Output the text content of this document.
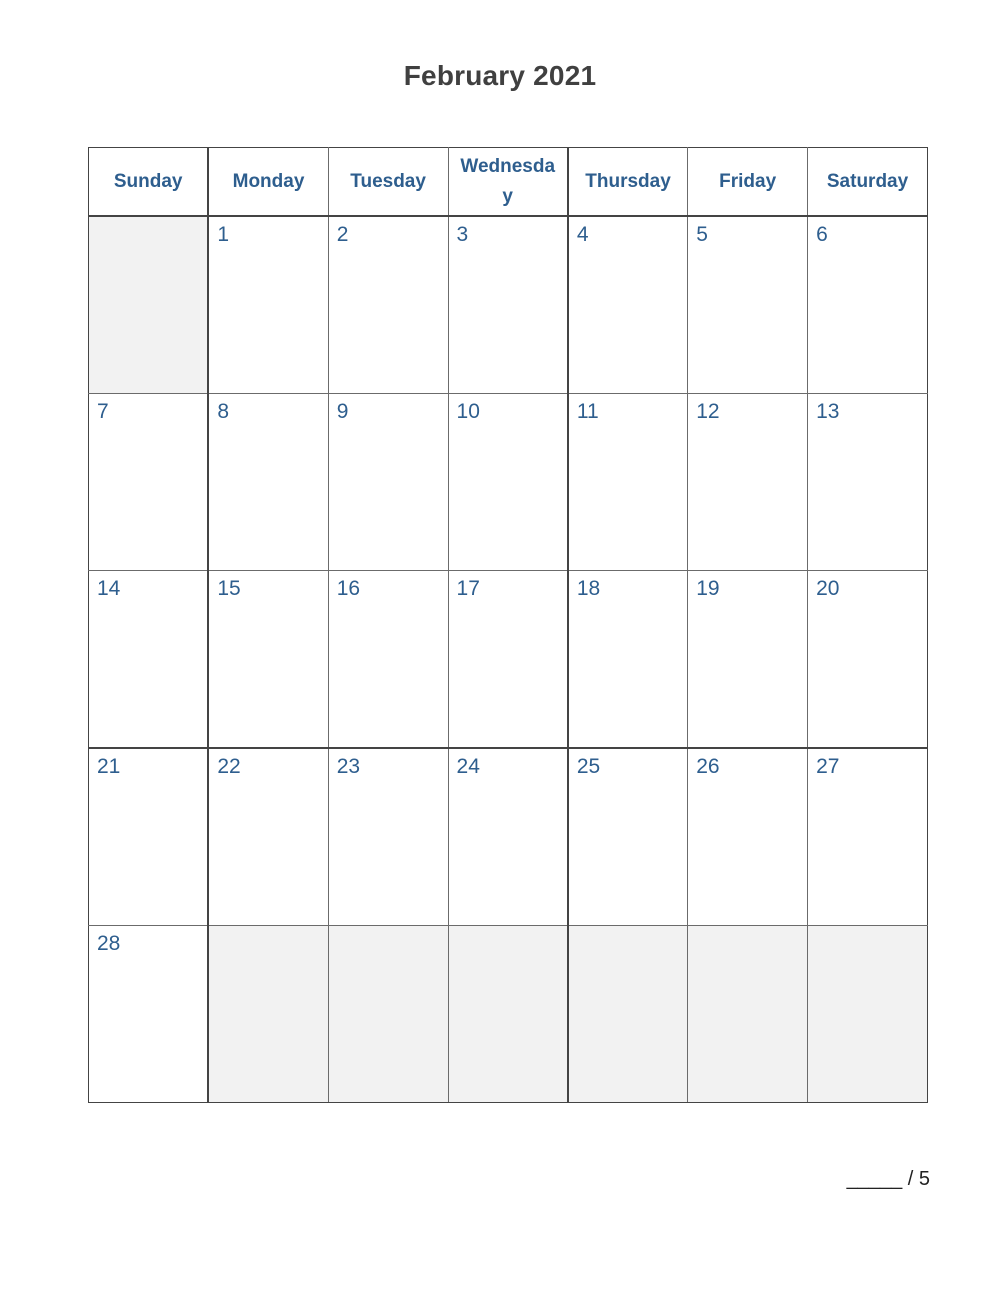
February 2021
Sunday	Monday	Tuesday	Wednesday	Thursday	Friday	Saturday

	1	2	3	4	5	6

7	8	9	10	11	12	13

14	15	16	17	18	19	20

21	22	23	24	25	26	27

28						

_____ / 5
